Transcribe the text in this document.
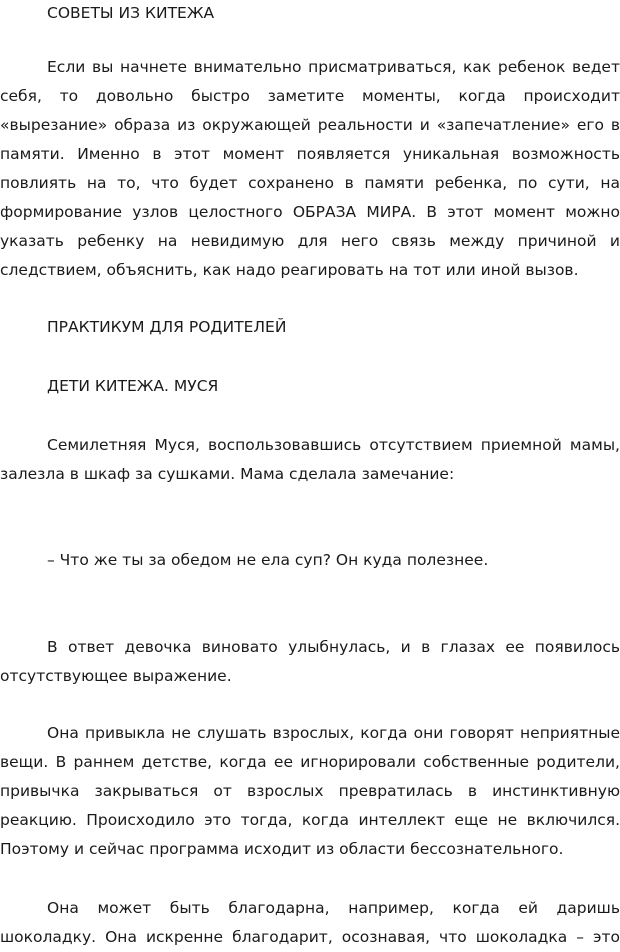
СОВЕТЫ ИЗ КИТЕЖА

Если вы начнете внимательно присматриваться, как ребенок ведет себя, то довольно быстро заметите моменты, когда происходит «вырезание» образа из окружающей реальности и «запечатление» его в памяти. Именно в этот момент появляется уникальная возможность повлиять на то, что будет сохранено в памяти ребенка, по сути, на формирование узлов целостного ОБРАЗА МИРА. В этот момент можно указать ребенку на невидимую для него связь между причиной и следствием, объяснить, как надо реагировать на тот или иной вызов.

ПРАКТИКУМ ДЛЯ РОДИТЕЛЕЙ

ДЕТИ КИТЕЖА. МУСЯ

Семилетняя Муся, воспользовавшись отсутствием приемной мамы, залезла в шкаф за сушками. Мама сделала замечание:

– Что же ты за обедом не ела суп? Он куда полезнее.

В ответ девочка виновато улыбнулась, и в глазах ее появилось отсутствующее выражение.

Она привыкла не слушать взрослых, когда они говорят неприятные вещи. В раннем детстве, когда ее игнорировали собственные родители, привычка закрываться от взрослых превратилась в инстинктивную реакцию. Происходило это тогда, когда интеллект еще не включился. Поэтому и сейчас программа исходит из области бессознательного.

Она может быть благодарна, например, когда ей даришь шоколадку. Она искренне благодарит, осознавая, что шоколадка – это
